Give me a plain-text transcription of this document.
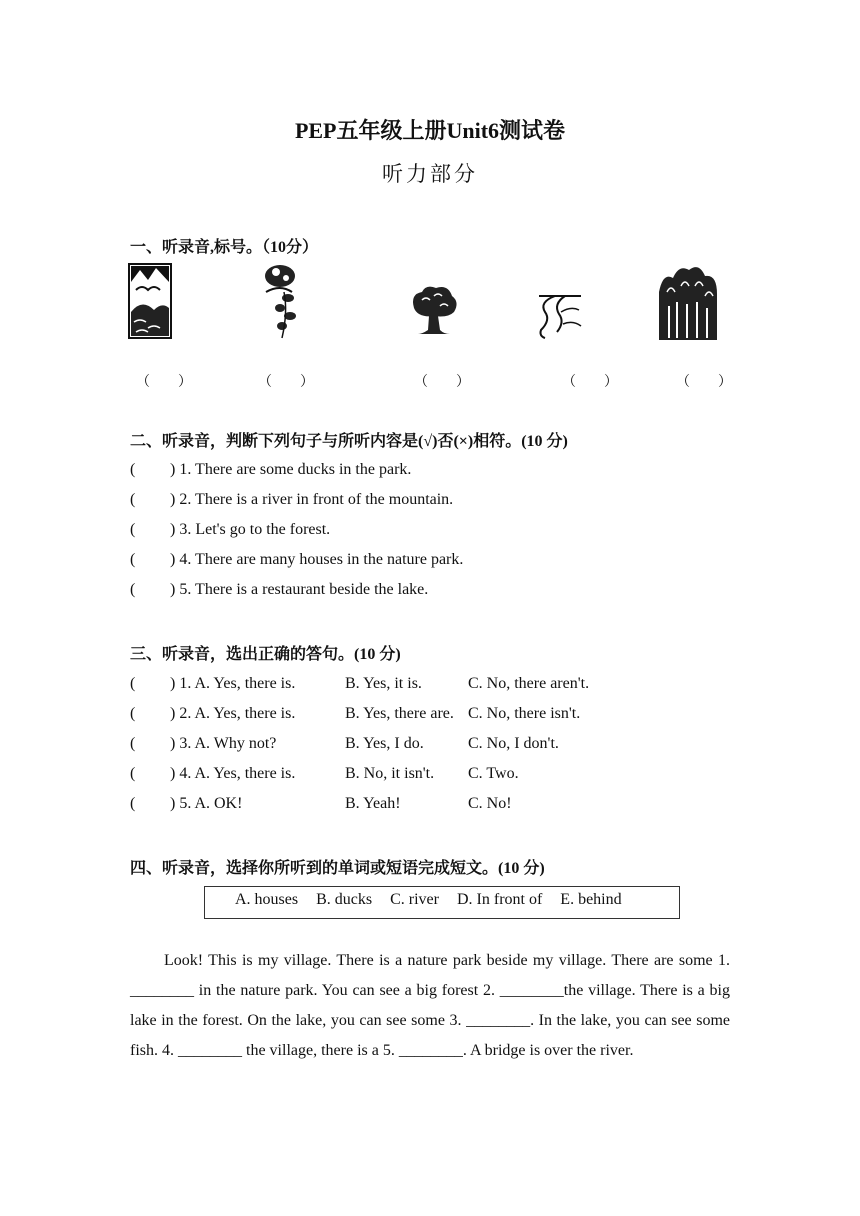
PEP五年级上册Unit6测试卷
听力部分
一、听录音,标号。（10分）
（　　）	（　　）	（　　）	（　　）	（　　）
二、听录音，判断下列句子与所听内容是(√)否(×)相符。(10 分)
( ) 1. There are some ducks in the park.
( ) 2. There is a river in front of the mountain.
( ) 3. Let's go to the forest.
( ) 4. There are many houses in the nature park.
( ) 5. There is a restaurant beside the lake.
三、听录音，选出正确的答句。(10 分)
( ) 1. A. Yes, there is.	B. Yes, it is.	C. No, there aren't.
( ) 2. A. Yes, there is.	B. Yes, there are. C. No, there isn't.
( ) 3. A. Why not?	B. Yes, I do.	C. No, I don't.
( ) 4. A. Yes, there is.	B. No, it isn't. C. Two.
( ) 5. A. OK!	B. Yeah!	C. No!
四、听录音，选择你所听到的单词或短语完成短文。(10 分)
A. houses B. ducks C. river D. In front of E. behind
Look! This is my village. There is a nature park beside my village. There are some 1. ________ in the nature park. You can see a big forest 2. ________the village. There is a big lake in the forest. On the lake, you can see some 3. ________. In the lake, you can see some fish. 4. ________ the village, there is a 5. ________. A bridge is over the river.
